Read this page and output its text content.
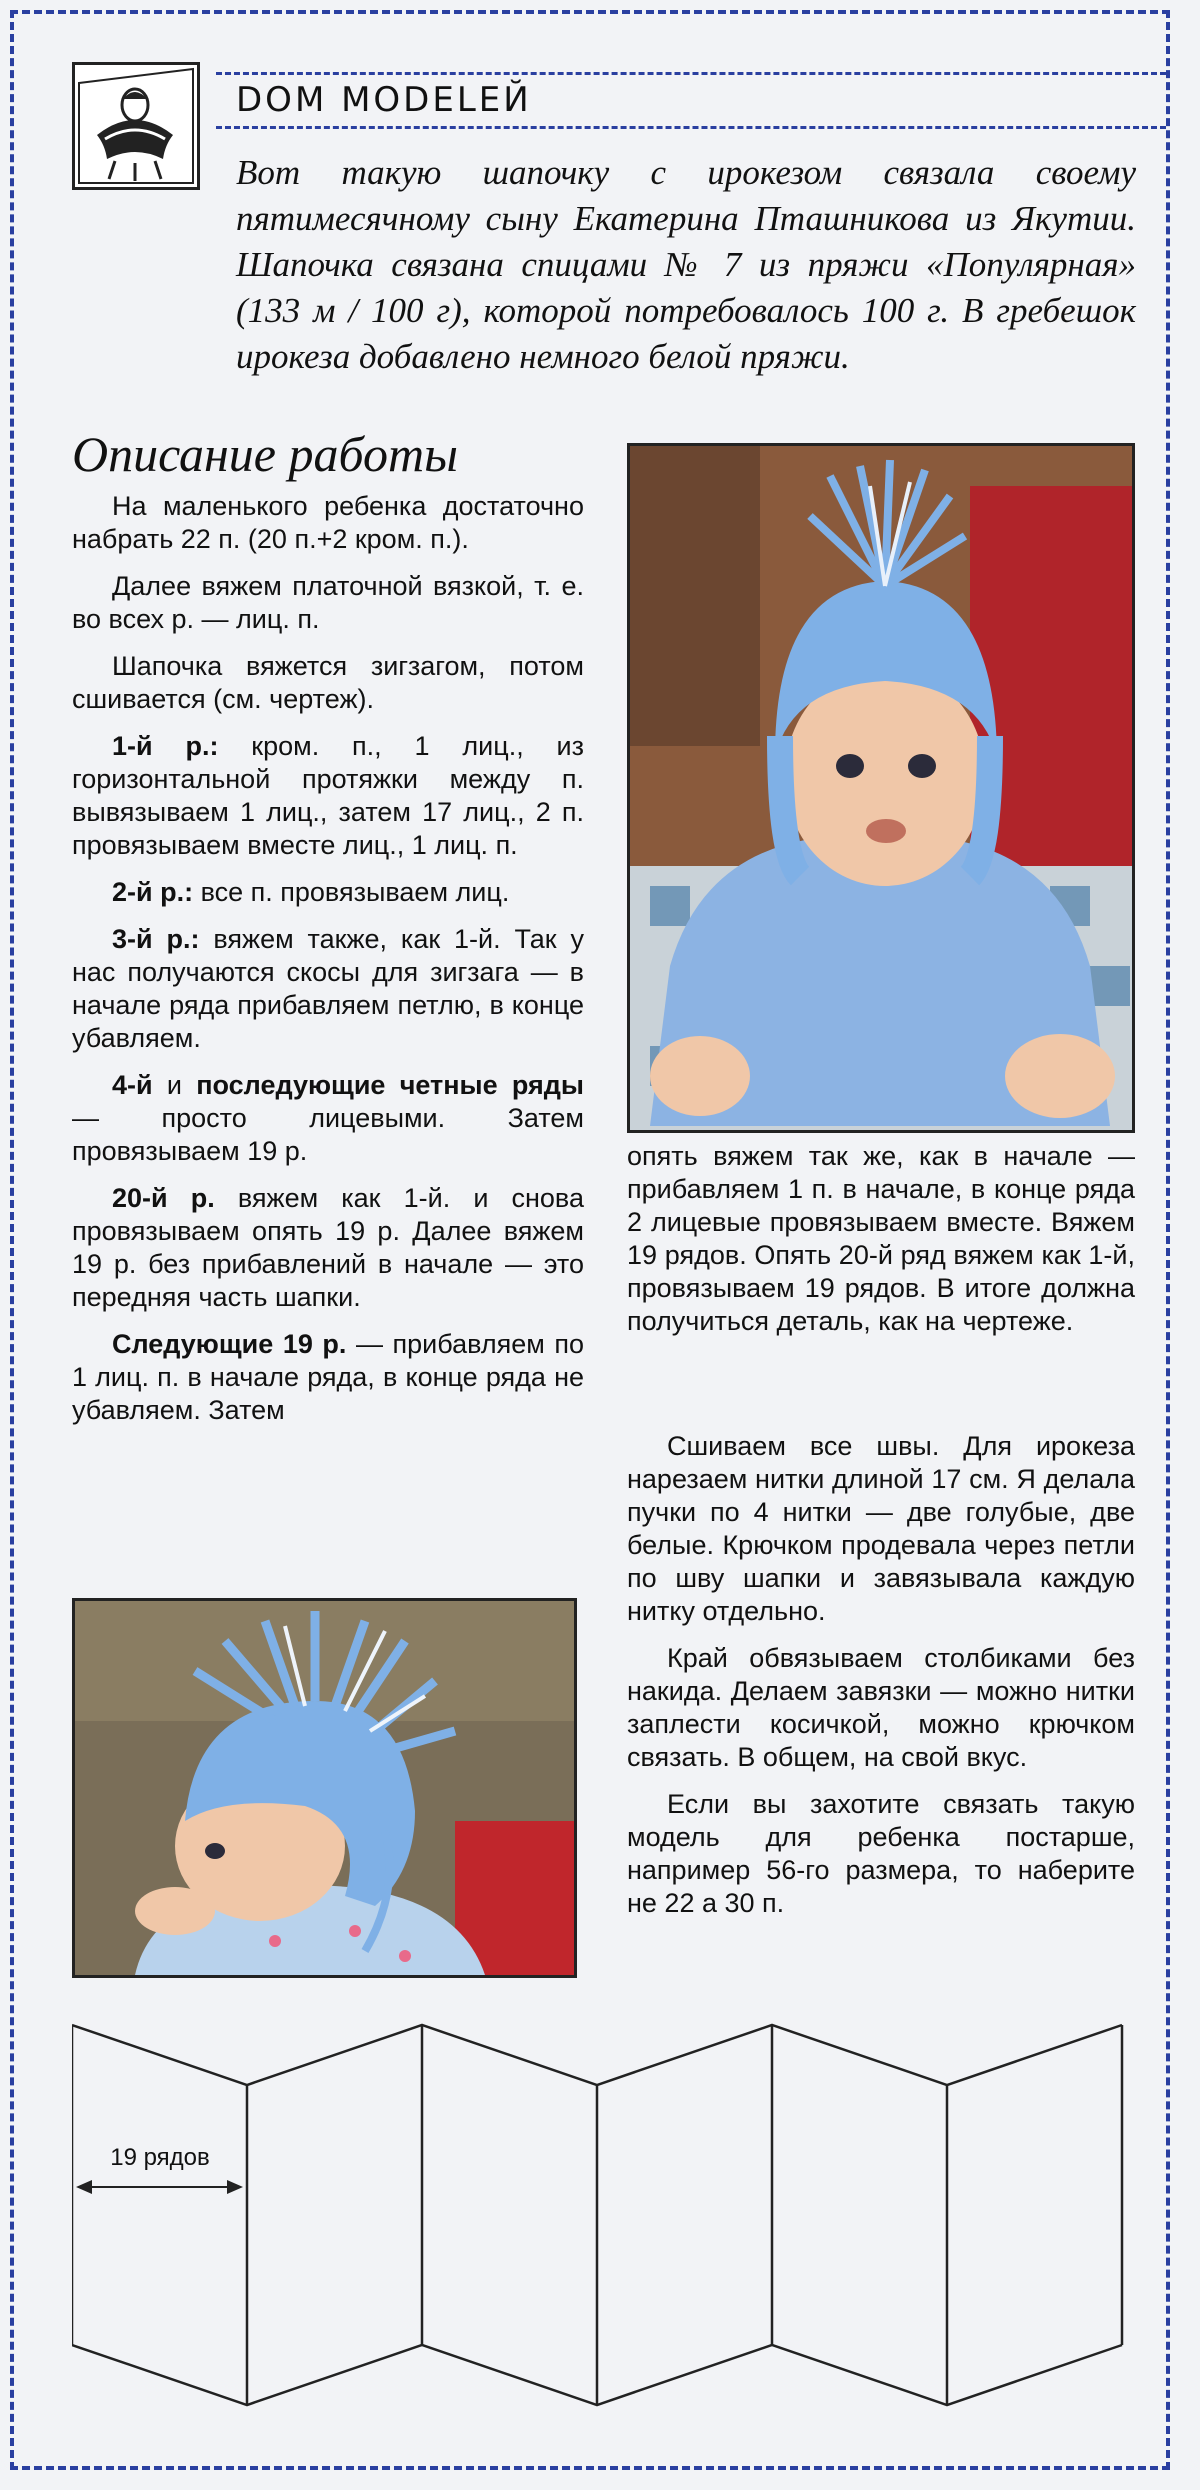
DOM MODELEЙ

Вот такую шапочку с ирокезом связала своему пятимесячному сыну Екатерина Пташникова из Якутии. Шапочка связана спицами № 7 из пряжи «Популярная» (133 м / 100 г), которой потребовалось 100 г. В гребешок ирокеза добавлено немного белой пряжи.

Описание работы

На маленького ребенка достаточно набрать 22 п. (20 п.+2 кром. п.).

Далее вяжем платочной вязкой, т. е. во всех р. — лиц. п.

Шапочка вяжется зигзагом, потом сшивается (см. чертеж).

1-й р.: кром. п., 1 лиц., из горизонтальной протяжки между п. вывязываем 1 лиц., затем 17 лиц., 2 п. провязываем вместе лиц., 1 лиц. п.

2-й р.: все п. провязываем лиц.

3-й р.: вяжем также, как 1-й. Так у нас получаются скосы для зигзага — в начале ряда прибавляем петлю, в конце убавляем.

4-й и последующие четные ряды — просто лицевыми. Затем провязываем 19 р.

20-й р. вяжем как 1-й. и снова провязываем опять 19 р. Далее вяжем 19 р. без прибавлений в начале — это передняя часть шапки.

Следующие 19 р. — прибавляем по 1 лиц. п. в начале ряда, в конце ряда не убавляем. Затем

опять вяжем так же, как в начале — прибавляем 1 п. в начале, в конце ряда 2 лицевые провязываем вместе. Вяжем 19 рядов. Опять 20-й ряд вяжем как 1-й, провязываем 19 рядов. В итоге должна получиться деталь, как на чертеже.

Сшиваем все швы. Для ирокеза нарезаем нитки длиной 17 см. Я делала пучки по 4 нитки — две голубые, две белые. Крючком продевала через петли по шву шапки и завязывала каждую нитку отдельно.

Край обвязываем столбиками без накида. Делаем завязки — можно нитки заплести косичкой, можно крючком связать. В общем, на свой вкус.

Если вы захотите связать такую модель для ребенка постарше, например 56-го размера, то наберите не 22 а 30 п.

19 рядов
